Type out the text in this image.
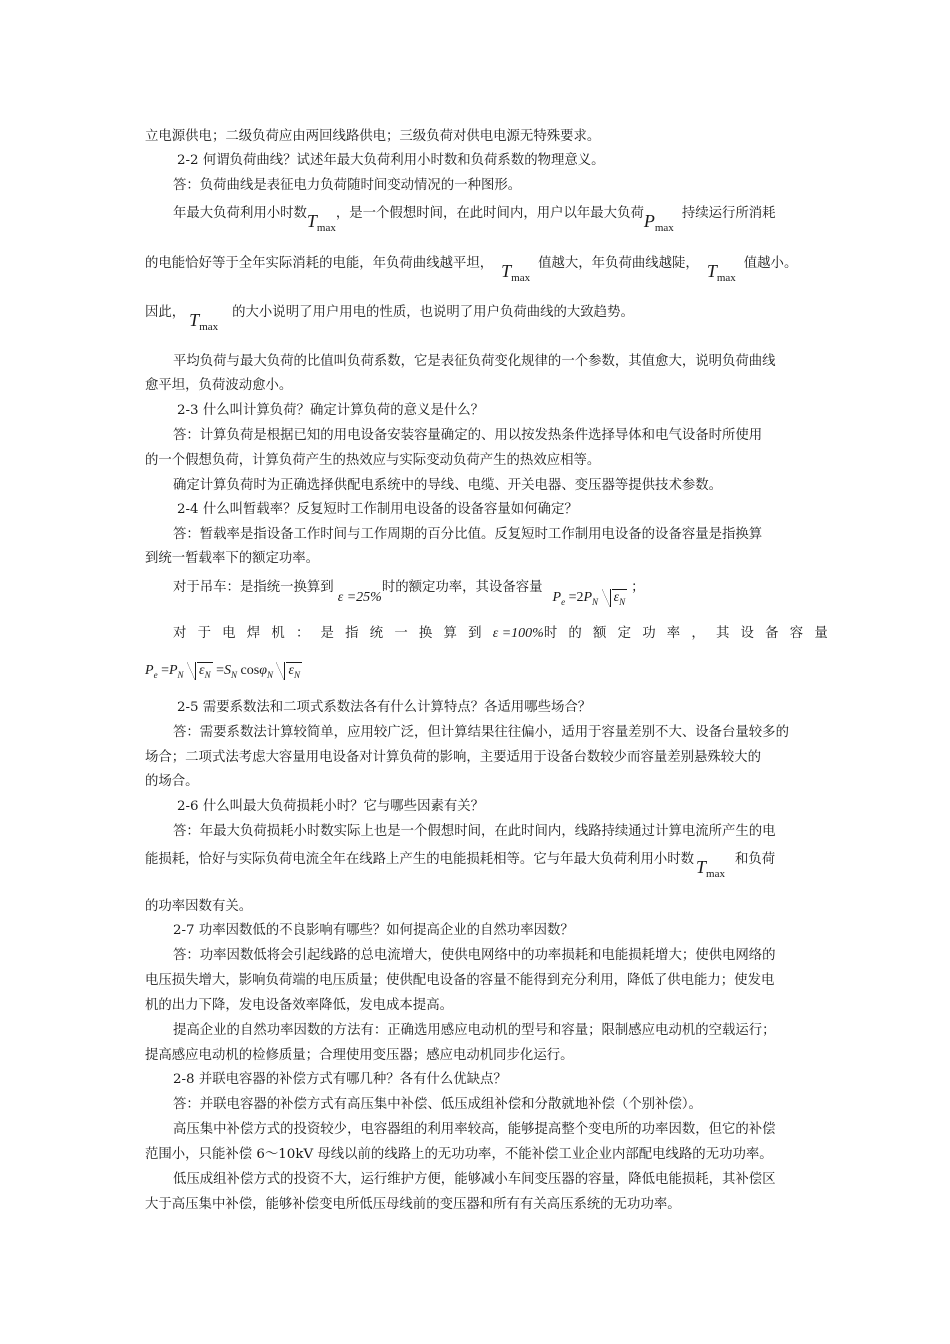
立电源供电；二级负荷应由两回线路供电；三级负荷对供电电源无特殊要求。
2-2 何谓负荷曲线？试述年最大负荷利用小时数和负荷系数的物理意义。
答：负荷曲线是表征电力负荷随时间变动情况的一种图形。
年最大负荷利用小时数$T_{max}$，是一个假想时间，在此时间内，用户以年最大负荷$P_{max}$持续运行所消耗
的电能恰好等于全年实际消耗的电能，年负荷曲线越平坦， $T_{max}$值越大，年负荷曲线越陡， $T_{max}$值越小。
因此， $T_{max}$的大小说明了用户用电的性质，也说明了用户负荷曲线的大致趋势。
平均负荷与最大负荷的比值叫负荷系数，它是表征负荷变化规律的一个参数，其值愈大，说明负荷曲线
愈平坦，负荷波动愈小。
2-3 什么叫计算负荷？确定计算负荷的意义是什么？
答：计算负荷是根据已知的用电设备安装容量确定的、用以按发热条件选择导体和电气设备时所使用
的一个假想负荷，计算负荷产生的热效应与实际变动负荷产生的热效应相等。
确定计算负荷时为正确选择供配电系统中的导线、电缆、开关电器、变压器等提供技术参数。
2-4 什么叫暂载率？反复短时工作制用电设备的设备容量如何确定？
答：暂载率是指设备工作时间与工作周期的百分比值。反复短时工作制用电设备的设备容量是指换算
到统一暂载率下的额定功率。
对于吊车：是指统一换算到ε =25%时的额定功率，其设备容量$P_e =2P_N$ $\varepsilon_N$；
对于电焊机：是指统一换算到ε =100%时的额定功率，其设备容量
$P_e =P_N$ $\varepsilon_N =S_N$ cosφ$_N$ $\varepsilon_N$
2-5 需要系数法和二项式系数法各有什么计算特点？各适用哪些场合？
答：需要系数法计算较简单，应用较广泛，但计算结果往往偏小，适用于容量差别不大、设备台量较多的
场合；二项式法考虑大容量用电设备对计算负荷的影响，主要适用于设备台数较少而容量差别悬殊较大的
的场合。
2-6 什么叫最大负荷损耗小时？它与哪些因素有关？
答：年最大负荷损耗小时数实际上也是一个假想时间，在此时间内，线路持续通过计算电流所产生的电
能损耗，恰好与实际负荷电流全年在线路上产生的电能损耗相等。它与年最大负荷利用小时数 $T_{max}$和负荷
的功率因数有关。
2-7 功率因数低的不良影响有哪些？如何提高企业的自然功率因数？
答：功率因数低将会引起线路的总电流增大，使供电网络中的功率损耗和电能损耗增大；使供电网络的
电压损失增大，影响负荷端的电压质量；使供配电设备的容量不能得到充分利用，降低了供电能力；使发电
机的出力下降，发电设备效率降低，发电成本提高。
提高企业的自然功率因数的方法有：正确选用感应电动机的型号和容量；限制感应电动机的空载运行；
提高感应电动机的检修质量；合理使用变压器；感应电动机同步化运行。
2-8 并联电容器的补偿方式有哪几种？各有什么优缺点？
答：并联电容器的补偿方式有高压集中补偿、低压成组补偿和分散就地补偿（个别补偿）。
高压集中补偿方式的投资较少，电容器组的利用率较高，能够提高整个变电所的功率因数，但它的补偿
范围小，只能补偿 6～10kV 母线以前的线路上的无功功率，不能补偿工业企业内部配电线路的无功功率。
低压成组补偿方式的投资不大，运行维护方便，能够减小车间变压器的容量，降低电能损耗，其补偿区
大于高压集中补偿，能够补偿变电所低压母线前的变压器和所有有关高压系统的无功功率。
